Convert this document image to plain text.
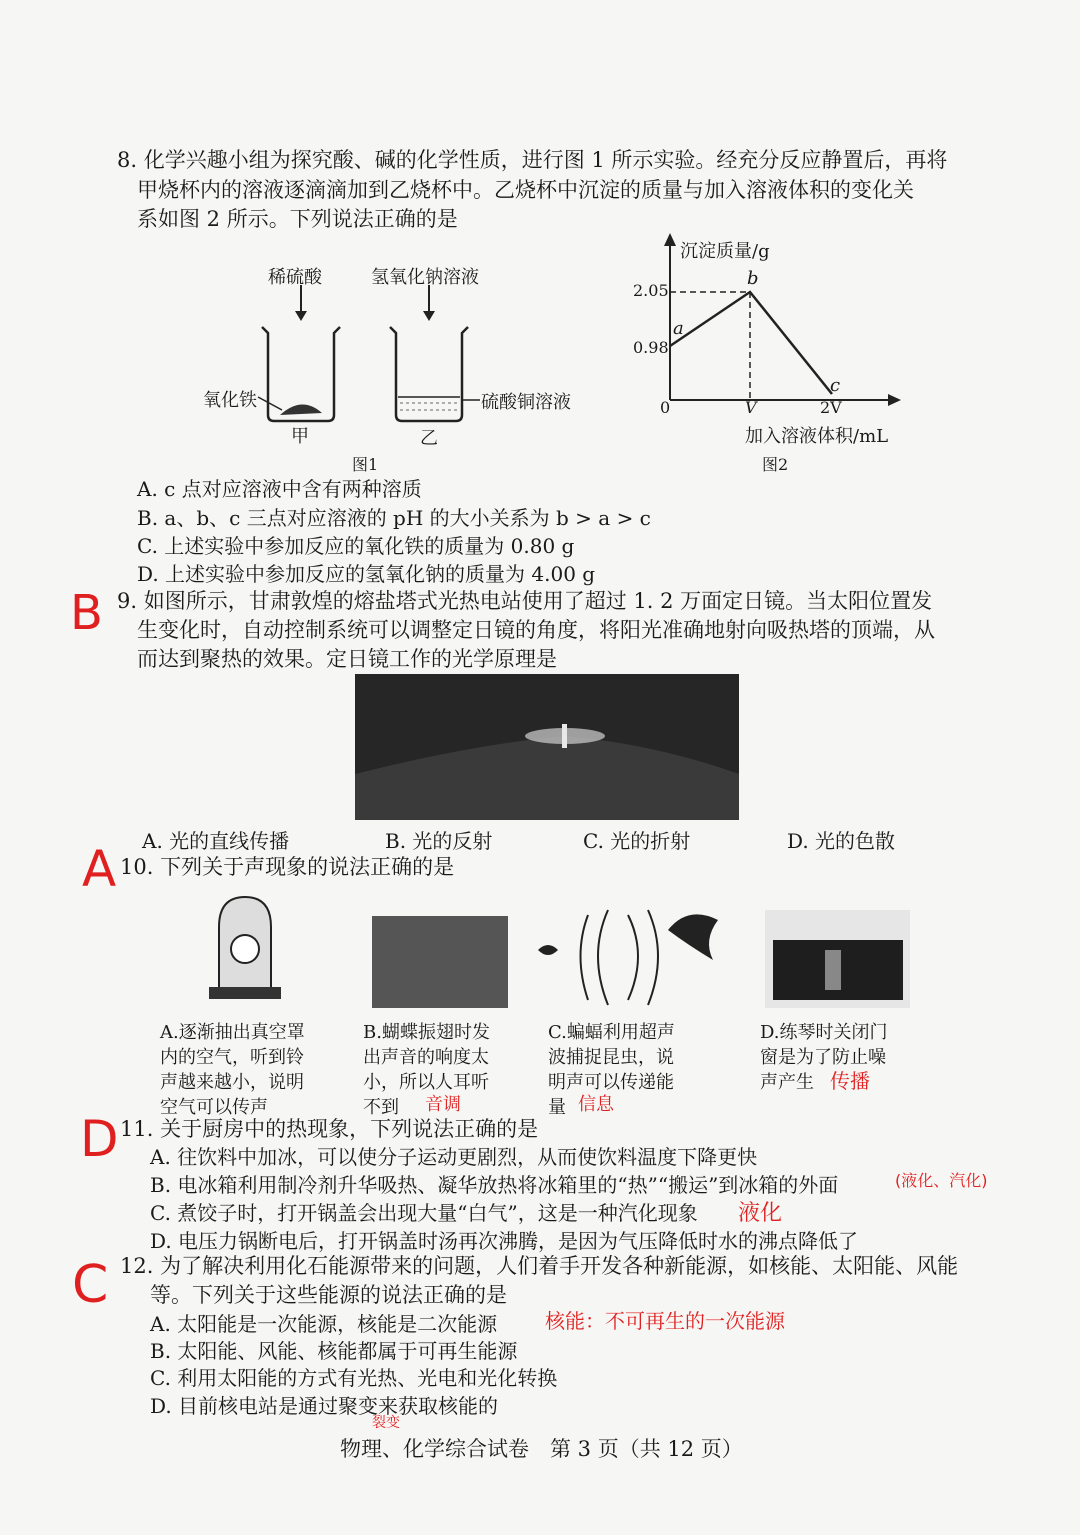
8. 化学兴趣小组为探究酸、碱的化学性质，进行图 1 所示实验。经充分反应静置后，再将
甲烧杯内的溶液逐滴滴加到乙烧杯中。乙烧杯中沉淀的质量与加入溶液体积的变化关
系如图 2 所示。下列说法正确的是
稀硫酸	氢氧化钠溶液
氧化铁	硫酸铜溶液
甲	乙
图1
沉淀质量/g
2.05
0.98
0	V	2V
a
b
c
加入溶液体积/mL
图2
A. c 点对应溶液中含有两种溶质
B. a、b、c 三点对应溶液的 pH 的大小关系为 b > a > c
C. 上述实验中参加反应的氧化铁的质量为 0.80 g
D. 上述实验中参加反应的氢氧化钠的质量为 4.00 g
B 9. 如图所示，甘肃敦煌的熔盐塔式光热电站使用了超过 1. 2 万面定日镜。当太阳位置发
生变化时，自动控制系统可以调整定日镜的角度，将阳光准确地射向吸热塔的顶端，从
而达到聚热的效果。定日镜工作的光学原理是
A. 光的直线传播	B. 光的反射	C. 光的折射	D. 光的色散
A 10. 下列关于声现象的说法正确的是
A.逐渐抽出真空罩
内的空气，听到铃
声越来越小，说明
空气可以传声
B.蝴蝶振翅时发
出声音的响度太
小，所以人耳听
不到
C.蝙蝠利用超声
波捕捉昆虫，说
明声可以传递能
量
D.练琴时关闭门
窗是为了防止噪
声产生
音调	信息
传播
D 11. 关于厨房中的热现象，下列说法正确的是
A. 往饮料中加冰，可以使分子运动更剧烈，从而使饮料温度下降更快
B. 电冰箱利用制冷剂升华吸热、凝华放热将冰箱里的“热”“搬运”到冰箱的外面
C. 煮饺子时，打开锅盖会出现大量“白气”，这是一种汽化现象
D. 电压力锅断电后，打开锅盖时汤再次沸腾，是因为气压降低时水的沸点降低了
(液化、汽化)
液化
C 12. 为了解决利用化石能源带来的问题，人们着手开发各种新能源，如核能、太阳能、风能
等。下列关于这些能源的说法正确的是
A. 太阳能是一次能源，核能是二次能源
B. 太阳能、风能、核能都属于可再生能源
C. 利用太阳能的方式有光热、光电和光化转换
D. 目前核电站是通过聚变来获取核能的
核能：不可再生的一次能源
裂变
物理、化学综合试卷　第 3 页（共 12 页）
